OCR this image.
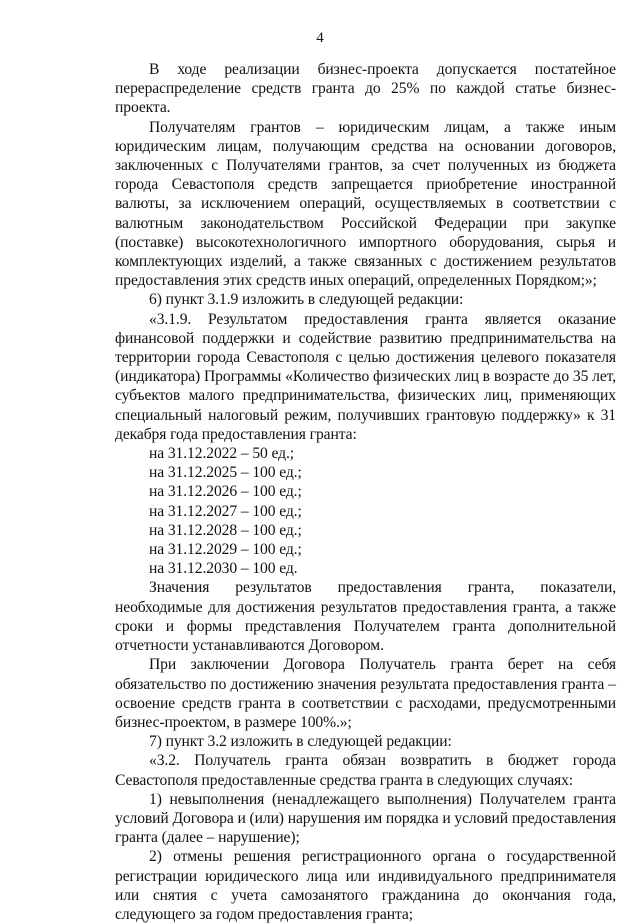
4

В ходе реализации бизнес-проекта допускается постатейное перераспределение средств гранта до 25% по каждой статье бизнес-проекта.

Получателям грантов – юридическим лицам, а также иным юридическим лицам, получающим средства на основании договоров, заключенных с Получателями грантов, за счет полученных из бюджета города Севастополя средств запрещается приобретение иностранной валюты, за исключением операций, осуществляемых в соответствии с валютным законодательством Российской Федерации при закупке (поставке) высокотехнологичного импортного оборудования, сырья и комплектующих изделий, а также связанных с достижением результатов предоставления этих средств иных операций, определенных Порядком;»;

6) пункт 3.1.9 изложить в следующей редакции:

«3.1.9. Результатом предоставления гранта является оказание финансовой поддержки и содействие развитию предпринимательства на территории города Севастополя с целью достижения целевого показателя (индикатора) Программы «Количество физических лиц в возрасте до 35 лет, субъектов малого предпринимательства, физических лиц, применяющих специальный налоговый режим, получивших грантовую поддержку» к 31 декабря года предоставления гранта:

на 31.12.2022 – 50 ед.;

на 31.12.2025 – 100 ед.;

на 31.12.2026 – 100 ед.;

на 31.12.2027 – 100 ед.;

на 31.12.2028 – 100 ед.;

на 31.12.2029 – 100 ед.;

на 31.12.2030 – 100 ед.

Значения результатов предоставления гранта, показатели, необходимые для достижения результатов предоставления гранта, а также сроки и формы представления Получателем гранта дополнительной отчетности устанавливаются Договором.

При заключении Договора Получатель гранта берет на себя обязательство по достижению значения результата предоставления гранта – освоение средств гранта в соответствии с расходами, предусмотренными бизнес-проектом, в размере 100%.»;

7) пункт 3.2 изложить в следующей редакции:

«3.2. Получатель гранта обязан возвратить в бюджет города Севастополя предоставленные средства гранта в следующих случаях:

1) невыполнения (ненадлежащего выполнения) Получателем гранта условий Договора и (или) нарушения им порядка и условий предоставления гранта (далее – нарушение);

2) отмены решения регистрационного органа о государственной регистрации юридического лица или индивидуального предпринимателя или снятия с учета самозанятого гражданина до окончания года, следующего за годом предоставления гранта;
